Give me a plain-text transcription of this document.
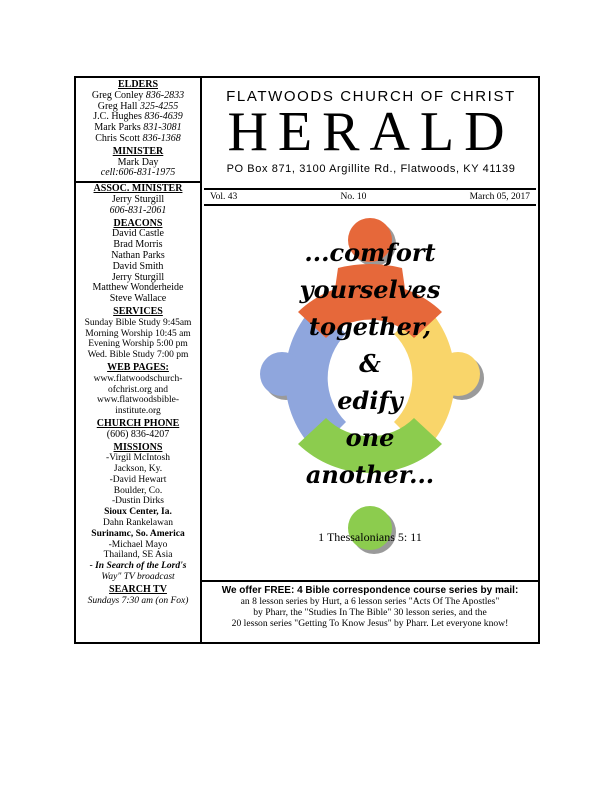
ELDERS
Greg Conley 836-2833
Greg Hall 325-4255
J.C. Hughes 836-4639
Mark Parks 831-3081
Chris Scott 836-1368
MINISTER
Mark Day
cell:606-831-1975
ASSOC. MINISTER
Jerry Sturgill
606-831-2061
DEACONS
David Castle
Brad Morris
Nathan Parks
David Smith
Jerry Sturgill
Matthew Wonderheide
Steve Wallace
SERVICES
Sunday Bible Study 9:45am
Morning Worship 10:45 am
Evening Worship 5:00 pm
Wed. Bible Study 7:00 pm
WEB PAGES:
www.flatwoodschurch-
ofchrist.org and
www.flatwoodsbible-
institute.org
CHURCH PHONE
(606) 836-4207
MISSIONS
-Virgil McIntosh
Jackson, Ky.
-David Hewart
Boulder, Co.
-Dustin Dirks
Sioux Center, Ia.
Dahn Rankelawan
Surinamc, So. America
-Michael Mayo
Thailand, SE Asia
- In Search of the Lord's
Way" TV broadcast
SEARCH TV
Sundays 7:30 am (on Fox)
FLATWOODS CHURCH OF CHRIST
HERALD
PO Box 871, 3100 Argillite Rd., Flatwoods, KY 41139
Vol. 43	No. 10	March 05, 2017
...comfort
yourselves
together,
&
edify
one
another...
1 Thessalonians 5: 11
We offer FREE: 4 Bible correspondence course series by mail:
an 8 lesson series by Hurt, a 6 lesson series "Acts Of The Apostles"
by Pharr, the "Studies In The Bible" 30 lesson series, and the
20 lesson series "Getting To Know Jesus" by Pharr. Let everyone know!
